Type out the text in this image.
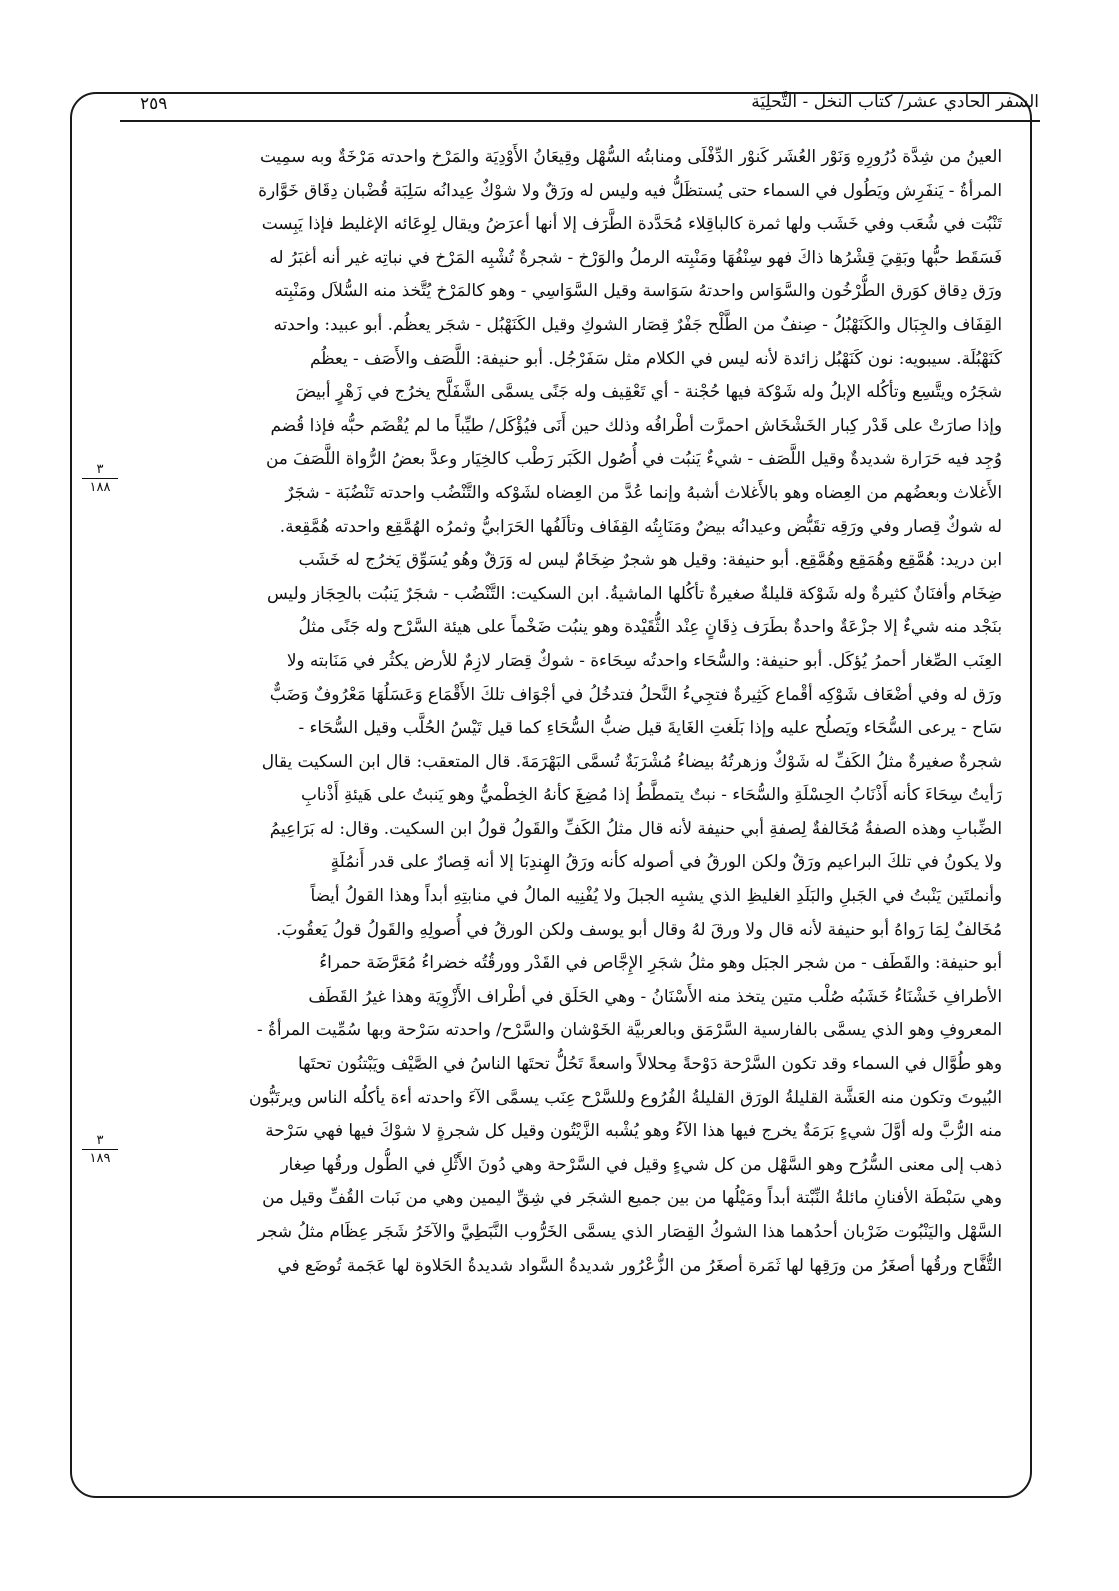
السفر الحادي عشر/ كتاب النخل - التَّحلِيَة
٢٥٩
٣
١٨٨
٣
١٨٩
العينُ من شِدَّة دُرُورِهِ وَنَوْر العُشَر كَنوْر الدِّفْلَى ومنابتُه السُّهْل وقِيعَانُ الأَوْدِيَة والمَرْخ واحدته مَرْخَةٌ وبه سمِيت
المرأةُ - يَنفَرِش ويَطُول في السماء حتى يُستظَلُّ فيه وليس له ورَقٌ ولا شوْكٌ عِيدانُه سَلِبَة قُضْبان دِقَاق خَوَّارة
تَنْبُت في شُعَب وفي خَشَب ولها ثمرة كالباقِلاء مُحَدَّدة الطَّرَف إلا أنها أعرَضُ ويقال لِوِعَائه الإغليط فإذا يَبِست
فَسَقَط حبُّها وبَقِيَ قِشْرُها ذاكَ فهو سِنْفُهَا ومَنْبِته الرملُ والوَرْخ - شجرةٌ تُشْبِه المَرْخ في نباتِه غير أنه أغبَرُ له
ورَق دِقاق كوَرق الطُّرْخُون والسَّوَاس واحدتهُ سَوَاسة وقيل السَّوَاسِي - وهو كالمَرْخ يُتَّخذ منه السُّلاَل ومَنْبِته
القِفَاف والجِبَال والكَنَهْبُلُ - صِنفٌ من الطَّلْح جَفْرٌ قِصَار الشوكِ وقيل الكَنَهْبُل - شجَر يعظُم. أبو عبيد: واحدته
كَنَهْبُلَة. سيبويه: نون كَنَهْبُل زائدة لأنه ليس في الكلام مثل سَفَرْجُل. أبو حنيفة: اللَّصَف والأَصَف - يعظُم
شجَرُه ويتَّسِع وتأكُله الإبلُ وله شَوْكة فيها حُجْنة - أي تَعْقِيف وله جَنًى يسمَّى الشَّفَلَّح يخرُج في زَهْرٍ أبيضَ
وإذا صارَتْ على قَدْر كِبار الخَشْخَاش احمرَّت أطْرافُه وذلك حين أَنَى فيُؤْكَل/ طيِّباً ما لم يُقْضَم حبُّه فإذا قُضم
وُجِد فيه حَرَارة شديدةٌ وقيل اللَّصَف - شيءٌ يَنبُت في أُصُول الكَبَر رَطْب كالخِيَار وعدَّ بعضُ الرُّواة اللَّصَفَ من
الأَغلاث وبعضُهم من العِضاه وهو بالأَغلاث أشبهُ وإنما عُدَّ من العِضاه لشَوْكه والتَّنْضُب واحدته تَنْضُبَة - شجَرٌ
له شوكٌ قِصار وفي ورَقِه تقَبُّض وعيدانُه بيضٌ ومَنَابِتُه القِفَاف وتألَفُها الحَرَابيُّ وثمرُه الهُمَّقِع واحدته هُمَّقِعة.
ابن دريد: هُمَّقِع وهُمَقِع وهُمَّقِع. أبو حنيفة: وقيل هو شجرٌ ضِخَامٌ ليس له وَرَقٌ وهُو يُسَوِّق يَخرُج له خَشَب
ضِخَام وأفنَانٌ كثيرةٌ وله شَوْكة قليلةٌ صغيرةٌ تأكُلها الماشيةُ. ابن السكيت: التَّنْضُب - شجَرٌ يَنبُت بالحِجَاز وليس
بنَجْد منه شيءٌ إلا جزْعَةٌ واحدةٌ بطَرَف ذِقَانٍ عِنْد الثُّقَيْدة وهو ينبُت ضَخْماً على هيئة السَّرْح وله جَنًى مثلُ
العِنَب الصِّغار أحمرُ يُؤكَل. أبو حنيفة: والسُّحَاء واحدتُه سِحَاءة - شوكٌ قِصَار لازِمٌ للأرض يكثُر في مَنَابته ولا
ورَق له وفي أضْعَاف شَوْكِه أقْماع كَثِيرةٌ فتجِيءُ النَّحلُ فتدخُلُ في أجْوَاف تلكَ الأَقْمَاع وَعَسَلُهَا مَعْرُوفٌ وَضَبٌّ
سَاح - يرعى السُّحَاء ويَصلُح عليه وإذا بَلَغتِ الغَايةَ قيل ضبُّ السُّحَاءِ كما قيل تَيْسُ الحُلَّب وقيل السُّحَاء -
شجرةٌ صغيرةٌ مثلُ الكَفِّ له شَوْكٌ وزهرتُهُ بيضاءُ مُشْرَبَةٌ تُسمَّى البَهْرَمَةَ. قال المتعقب: قال ابن السكيت يقال
رَأيتُ سِحَاءَ كأنه أَذْنَابُ الحِسْلَةِ والسُّحَاء - نبتٌ يتمطَّطُ إذا مُضِغَ كأنهُ الخِطْميُّ وهو يَنبتُ على هَيئةِ أَذْنابِ
الضِّبابِ وهذه الصفةُ مُخَالفةٌ لِصفةِ أبي حنيفة لأنه قال مثلُ الكَفِّ والقَولُ قولُ ابن السكيت. وقال: له بَرَاعِيمُ
ولا يكونُ في تلكَ البراعيم ورَقٌ ولكن الورقُ في أصوله كأنه ورَقُ الهِندِبَا إلا أنه قِصارٌ على قدر أَنمُلَةٍ
وأنملتَين يَنْبتُ في الجَبلِ والبَلَدِ الغليظِ الذي يشبِه الجبلَ ولا يُفْنِيه المالُ في منابتِهِ أبداً وهذا القولُ أيضاً
مُخَالفٌ لِمَا رَواهُ أبو حنيفة لأنه قال ولا ورقَ لهُ وقال أبو يوسف ولكن الورقُ في أُصولِهِ والقَولُ قولُ يَعقُوبَ.
أبو حنيفة: والقَطَف - من شجر الجبَل وهو مثلُ شجَرِ الإِجَّاص في القَدْر وورقُتُه خضراءُ مُعَرَّضَة حمراءُ
الأطرافِ خَشْنَاءُ خَشَبُه صُلْب متين يتخذ منه الأَسْنَانُ - وهي الحَلَق في أطْراف الأَزْوِيَة وهذا غيرُ القَطَف
المعروفِ وهو الذي يسمَّى بالفارسية السَّرْمَق وبالعربيَّة الخَوْشان والسَّرْح/ واحدته سَرْحة وبها سُمِّيت المرأةُ -
وهو طُوَّال في السماء وقد تكون السَّرْحة دَوْحةً مِحلالاً واسعةً تَحُلُّ تحتَها الناسُ في الصَّيْف ويَبْتنُون تحتَها
البُيوتَ وتكون منه العَشَّة القليلةُ الورَق القليلةُ الفُرُوع وللسَّرْح عِنَب يسمَّى الآءَ واحدته أءة يأكلُه الناس ويرتَبُّون
منه الرُّبَّ وله أوَّلَ شيءٍ بَرَمَةٌ يخرج فيها هذا الآءُ وهو يُشْبه الزَّيْتُون وقيل كل شجرةٍ لا شوْكَ فيها فهي سَرْحة
ذهب إلى معنى السُّرُح وهو السَّهْل من كل شيءٍ وقيل في السَّرْحة وهي دُونَ الأَثْلِ في الطُّول ورقُها صِغار
وهي سَبْطَة الأفنانِ مائلةُ النِّبْتة أبداً ومَيْلُها من بين جميع الشجَر في شِقِّ اليمين وهي من نَبات القُفِّ وقيل من
السَّهْل واليَنْبُوت ضَرْبان أحدُهما هذا الشوكُ القِصَار الذي يسمَّى الخَرُّوب النَّبَطِيَّ والآخَرُ شَجَر عِظَام مثلُ شجر
التُّفَّاح ورقُها أصغَرُ من ورَقِها لها ثَمَرة أصغَرُ من الزُّعْرُور شديدةُ السَّواد شديدةُ الحَلاوة لها عَجَمة تُوضَع في
